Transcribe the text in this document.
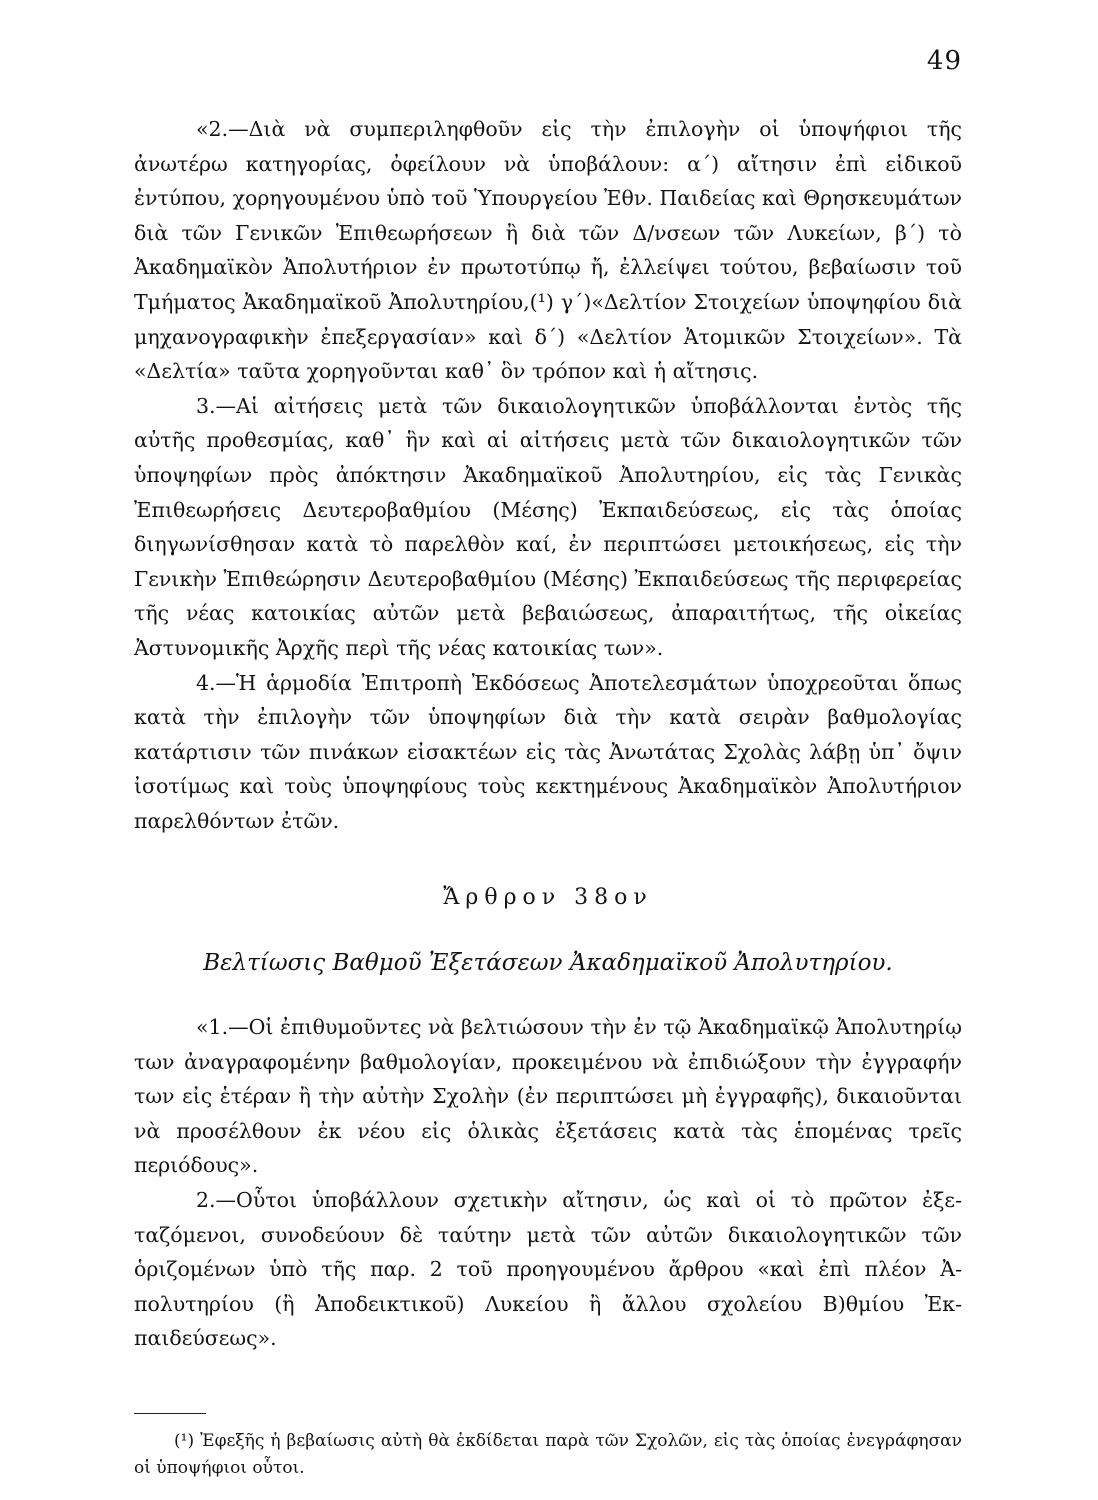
49

«2.—Διὰ νὰ συμπεριληφθοῦν εἰς τὴν ἐπιλογὴν οἱ ὑποψήφιοι τῆς ἀνωτέρω κατηγορίας, ὀφείλουν νὰ ὑποβάλουν: α΄) αἴτησιν ἐπὶ εἰδικοῦ ἐντύπου, χορηγουμένου ὑπὸ τοῦ Ὑπουργείου Ἐθν. Παιδείας καὶ Θρησκευμάτων διὰ τῶν Γενικῶν Ἐπιθεωρήσεων ἢ διὰ τῶν Δ/νσεων τῶν Λυκείων, β΄) τὸ Ἀκαδημαϊκὸν Ἀπολυτήριον ἐν πρωτοτύπῳ ἤ, ἐλλείψει τούτου, βεβαίωσιν τοῦ Τμήματος Ἀκαδημαϊκοῦ Ἀπολυτηρίου,(¹) γ΄)«Δελτίον Στοιχείων ὑποψηφίου διὰ μηχανογραφικὴν ἐπεξεργασίαν» καὶ δ΄) «Δελτίον Ἀτομικῶν Στοιχείων». Τὰ «Δελτία» ταῦτα χορηγοῦνται καθ᾽ ὃν τρόπον καὶ ἡ αἴτησις.

3.—Αἱ αἰτήσεις μετὰ τῶν δικαιολογητικῶν ὑποβάλλονται ἐντὸς τῆς αὐτῆς προθεσμίας, καθ᾽ ἣν καὶ αἱ αἰτήσεις μετὰ τῶν δικαιολογητικῶν τῶν ὑποψηφίων πρὸς ἀπόκτησιν Ἀκαδημαϊκοῦ Ἀπολυτηρίου, εἰς τὰς Γενικὰς Ἐπιθεωρήσεις Δευτεροβαθμίου (Μέσης) Ἐκπαιδεύσεως, εἰς τὰς ὁποίας διηγωνίσθησαν κατὰ τὸ παρελθὸν καί, ἐν περιπτώσει μετοικήσεως, εἰς τὴν Γενικὴν Ἐπιθεώρησιν Δευτεροβαθμίου (Μέσης) Ἐκπαιδεύσεως τῆς περιφερείας τῆς νέας κατοικίας αὐτῶν μετὰ βεβαιώσεως, ἀπαραιτήτως, τῆς οἰκείας Ἀστυνομικῆς Ἀρχῆς περὶ τῆς νέας κατοικίας των».

4.—Ἡ ἁρμοδία Ἐπιτροπὴ Ἐκδόσεως Ἀποτελεσμάτων ὑποχρεοῦται ὅπως κατὰ τὴν ἐπιλογὴν τῶν ὑποψηφίων διὰ τὴν κατὰ σειρὰν βαθμολογίας κατάρτισιν τῶν πινάκων εἰσακτέων εἰς τὰς Ἀνωτάτας Σχολὰς λάβῃ ὑπ᾽ ὄψιν ἰσοτίμως καὶ τοὺς ὑποψηφίους τοὺς κεκτημένους Ἀκαδημαϊκὸν Ἀπολυτήριον παρελθόντων ἐτῶν.

Ἄρθρον 38ον
Βελτίωσις Βαθμοῦ Ἐξετάσεων Ἀκαδημαϊκοῦ Ἀπολυτηρίου.

«1.—Οἱ ἐπιθυμοῦντες νὰ βελτιώσουν τὴν ἐν τῷ Ἀκαδημαϊκῷ Ἀπολυτηρίῳ των ἀναγραφομένην βαθμολογίαν, προκειμένου νὰ ἐπιδιώξουν τὴν ἐγγραφήν των εἰς ἑτέραν ἢ τὴν αὐτὴν Σχολὴν (ἐν περιπτώσει μὴ ἐγγραφῆς), δικαιοῦνται νὰ προσέλθουν ἐκ νέου εἰς ὁλικὰς ἐξετάσεις κατὰ τὰς ἑπομένας τρεῖς περιόδους».

2.—Οὗτοι ὑποβάλλουν σχετικὴν αἴτησιν, ὡς καὶ οἱ τὸ πρῶτον ἐξεταζόμενοι, συνοδεύουν δὲ ταύτην μετὰ τῶν αὐτῶν δικαιολογητικῶν τῶν ὁριζομένων ὑπὸ τῆς παρ. 2 τοῦ προηγουμένου ἄρθρου «καὶ ἐπὶ πλέον Ἀπολυτηρίου (ἢ Ἀποδεικτικοῦ) Λυκείου ἢ ἄλλου σχολείου Β)θμίου Ἐκπαιδεύσεως».

(¹) Ἐφεξῆς ἡ βεβαίωσις αὐτὴ θὰ ἐκδίδεται παρὰ τῶν Σχολῶν, εἰς τὰς ὁποίας ἐνεγράφησαν οἱ ὑποψήφιοι οὗτοι.
